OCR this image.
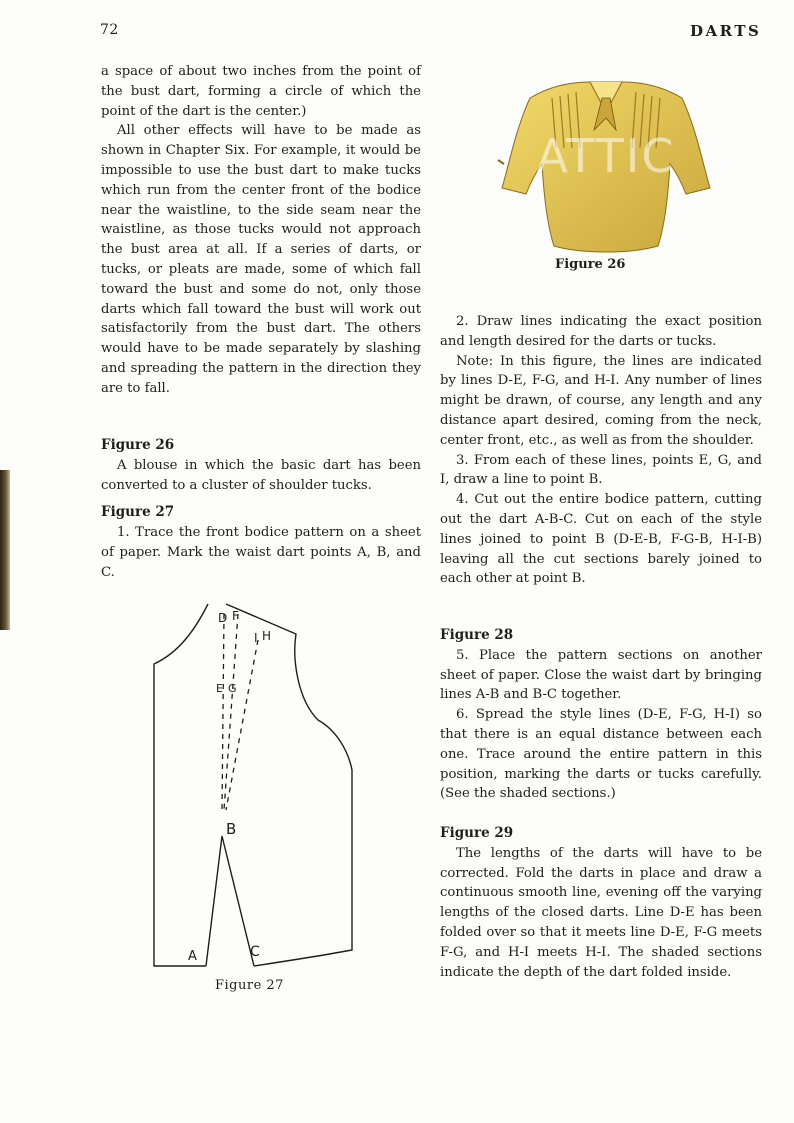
72	DARTS

a space of about two inches from the point of the bust dart, forming a circle of which the point of the dart is the center.)

All other effects will have to be made as shown in Chapter Six. For example, it would be impossible to use the bust dart to make tucks which run from the center front of the bodice near the waistline, to the side seam near the waistline, as those tucks would not approach the bust area at all. If a series of darts, or tucks, or pleats are made, some of which fall toward the bust and some do not, only those darts which fall toward the bust will work out satisfactorily from the bust dart. The others would have to be made separately by slashing and spreading the pattern in the direction they are to fall.

Figure 26

A blouse in which the basic dart has been converted to a cluster of shoulder tucks.

Figure 27

1. Trace the front bodice pattern on a sheet of paper. Mark the waist dart points A, B, and C.

ATTIC
Figure 26
D F
I H
E G
B
A	C
Figure 27

2. Draw lines indicating the exact position and length desired for the darts or tucks.

Note: In this figure, the lines are indicated by lines D-E, F-G, and H-I. Any number of lines might be drawn, of course, any length and any distance apart desired, coming from the neck, center front, etc., as well as from the shoulder.

3. From each of these lines, points E, G, and I, draw a line to point B.

4. Cut out the entire bodice pattern, cutting out the dart A-B-C. Cut on each of the style lines joined to point B (D-E-B, F-G-B, H-I-B) leaving all the cut sections barely joined to each other at point B.

Figure 28

5. Place the pattern sections on another sheet of paper. Close the waist dart by bringing lines A-B and B-C together.

6. Spread the style lines (D-E, F-G, H-I) so that there is an equal distance between each one. Trace around the entire pattern in this position, marking the darts or tucks carefully. (See the shaded sections.)

Figure 29

The lengths of the darts will have to be corrected. Fold the darts in place and draw a continuous smooth line, evening off the varying lengths of the closed darts. Line D-E has been folded over so that it meets line D-E, F-G meets F-G, and H-I meets H-I. The shaded sections indicate the depth of the dart folded inside.
